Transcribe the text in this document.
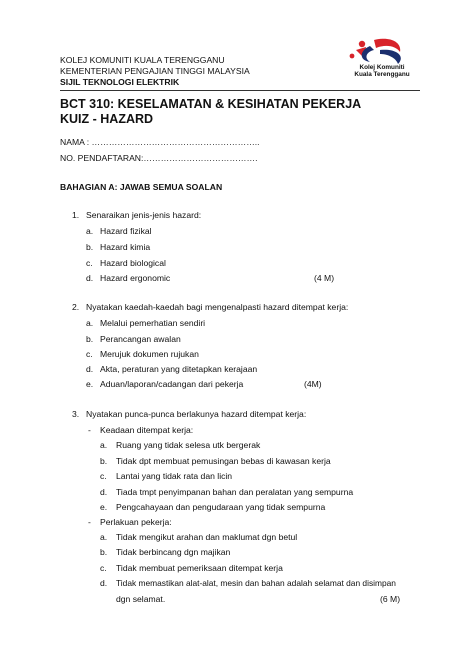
KOLEJ KOMUNITI KUALA TERENGGANU
KEMENTERIAN PENGAJIAN TINGGI MALAYSIA
SIJIL TEKNOLOGI ELEKTRIK
Kolej Komuniti
Kuala Terengganu

BCT 310: KESELAMATAN & KESIHATAN PEKERJA
KUIZ - HAZARD
NAMA : …………………………………………………..
NO. PENDAFTARAN:………………………………….
BAHAGIAN A: JAWAB SEMUA SOALAN
1. Senaraikan jenis-jenis hazard:
a. Hazard fizikal
b. Hazard kimia
c. Hazard biological
d. Hazard ergonomic	(4 M)
2. Nyatakan kaedah-kaedah bagi mengenalpasti hazard ditempat kerja:
a. Melalui pemerhatian sendiri
b. Perancangan awalan
c. Merujuk dokumen rujukan
d. Akta, peraturan yang ditetapkan kerajaan
e. Aduan/laporan/cadangan dari pekerja	(4M)
3. Nyatakan punca-punca berlakunya hazard ditempat kerja:
- Keadaan ditempat kerja:
a. Ruang yang tidak selesa utk bergerak
b. Tidak dpt membuat pemusingan bebas di kawasan kerja
c. Lantai yang tidak rata dan licin
d. Tiada tmpt penyimpanan bahan dan peralatan yang sempurna
e. Pengcahayaan dan pengudaraan yang tidak sempurna
- Perlakuan pekerja:
a. Tidak mengikut arahan dan maklumat dgn betul
b. Tidak berbincang dgn majikan
c. Tidak membuat pemeriksaan ditempat kerja
d. Tidak memastikan alat-alat, mesin dan bahan adalah selamat dan disimpan
dgn selamat.	(6 M)
